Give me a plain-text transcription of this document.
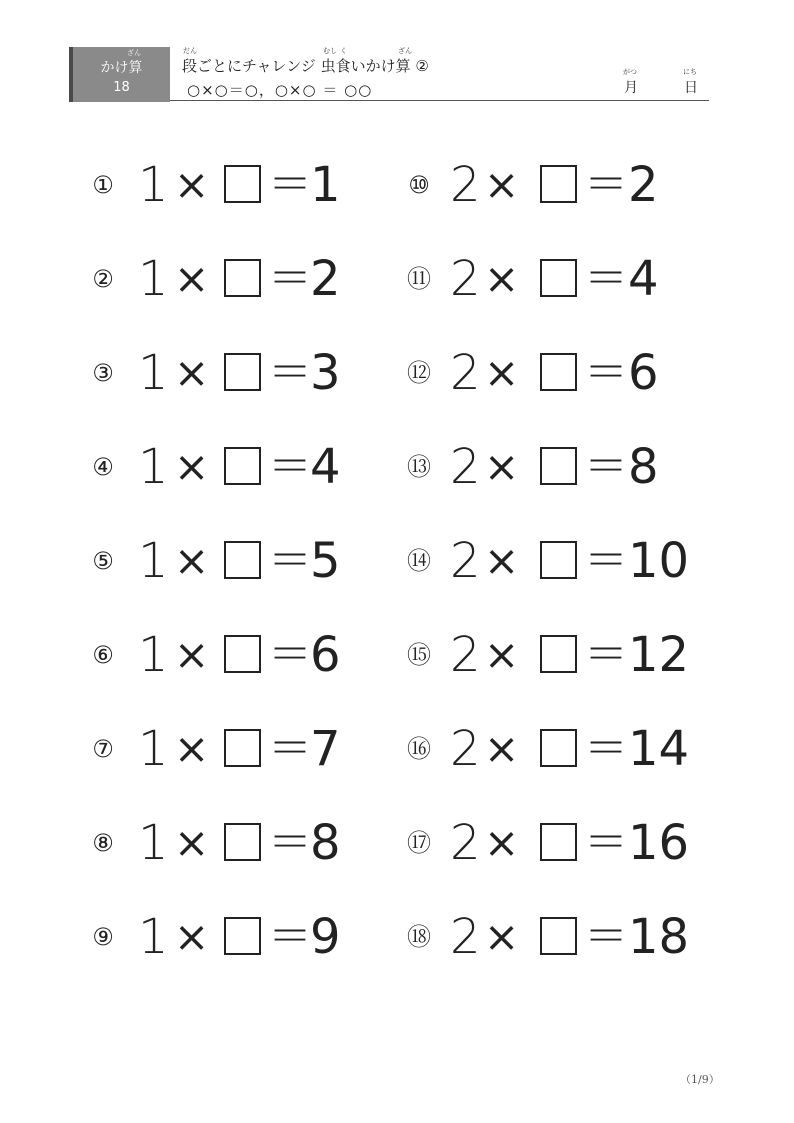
ざん
かけ算
18
だん	むし く	ざん
段ごとにチャレンジ 虫食いかけ算 ②
○×○＝○，○×○ ＝ ○○
がつ
月
にち
日
① 1 × ＝
1
② 1 × ＝
2
③ 1 × ＝
3
④ 1 × ＝
4
⑤ 1 × ＝
5
⑥ 1 × ＝
6
⑦ 1 × ＝
7
⑧ 1 × ＝
8
⑨ 1 × ＝
9
⑩ 2 × ＝ 2
⑪ 2 × ＝ 4
⑫ 2 × ＝ 6
⑬ 2 × ＝ 8
⑭ 2 × ＝ 10
⑮ 2 × ＝ 12
⑯ 2 × ＝ 14
⑰ 2 × ＝ 16
⑱ 2 × ＝ 18
（1/9）
